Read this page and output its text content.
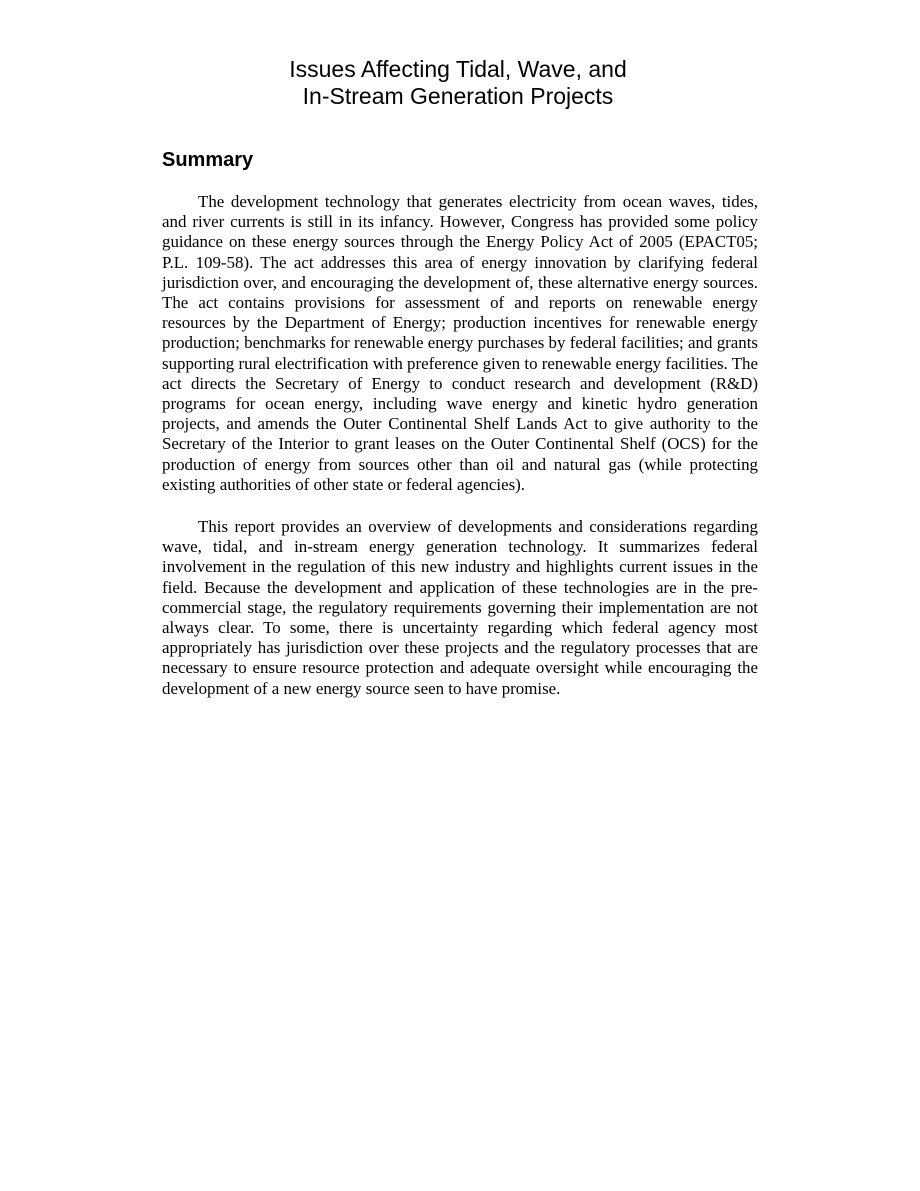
Issues Affecting Tidal, Wave, and
In-Stream Generation Projects
Summary

The development technology that generates electricity from ocean waves, tides, and river currents is still in its infancy. However, Congress has provided some policy guidance on these energy sources through the Energy Policy Act of 2005 (EPACT05; P.L. 109-58). The act addresses this area of energy innovation by clarifying federal jurisdiction over, and encouraging the development of, these alternative energy sources. The act contains provisions for assessment of and reports on renewable energy resources by the Department of Energy; production incentives for renewable energy production; benchmarks for renewable energy purchases by federal facilities; and grants supporting rural electrification with preference given to renewable energy facilities. The act directs the Secretary of Energy to conduct research and development (R&D) programs for ocean energy, including wave energy and kinetic hydro generation projects, and amends the Outer Continental Shelf Lands Act to give authority to the Secretary of the Interior to grant leases on the Outer Continental Shelf (OCS) for the production of energy from sources other than oil and natural gas (while protecting existing authorities of other state or federal agencies).

This report provides an overview of developments and considerations regarding wave, tidal, and in-stream energy generation technology. It summarizes federal involvement in the regulation of this new industry and highlights current issues in the field. Because the development and application of these technologies are in the pre-commercial stage, the regulatory requirements governing their implementation are not always clear. To some, there is uncertainty regarding which federal agency most appropriately has jurisdiction over these projects and the regulatory processes that are necessary to ensure resource protection and adequate oversight while encouraging the development of a new energy source seen to have promise.
